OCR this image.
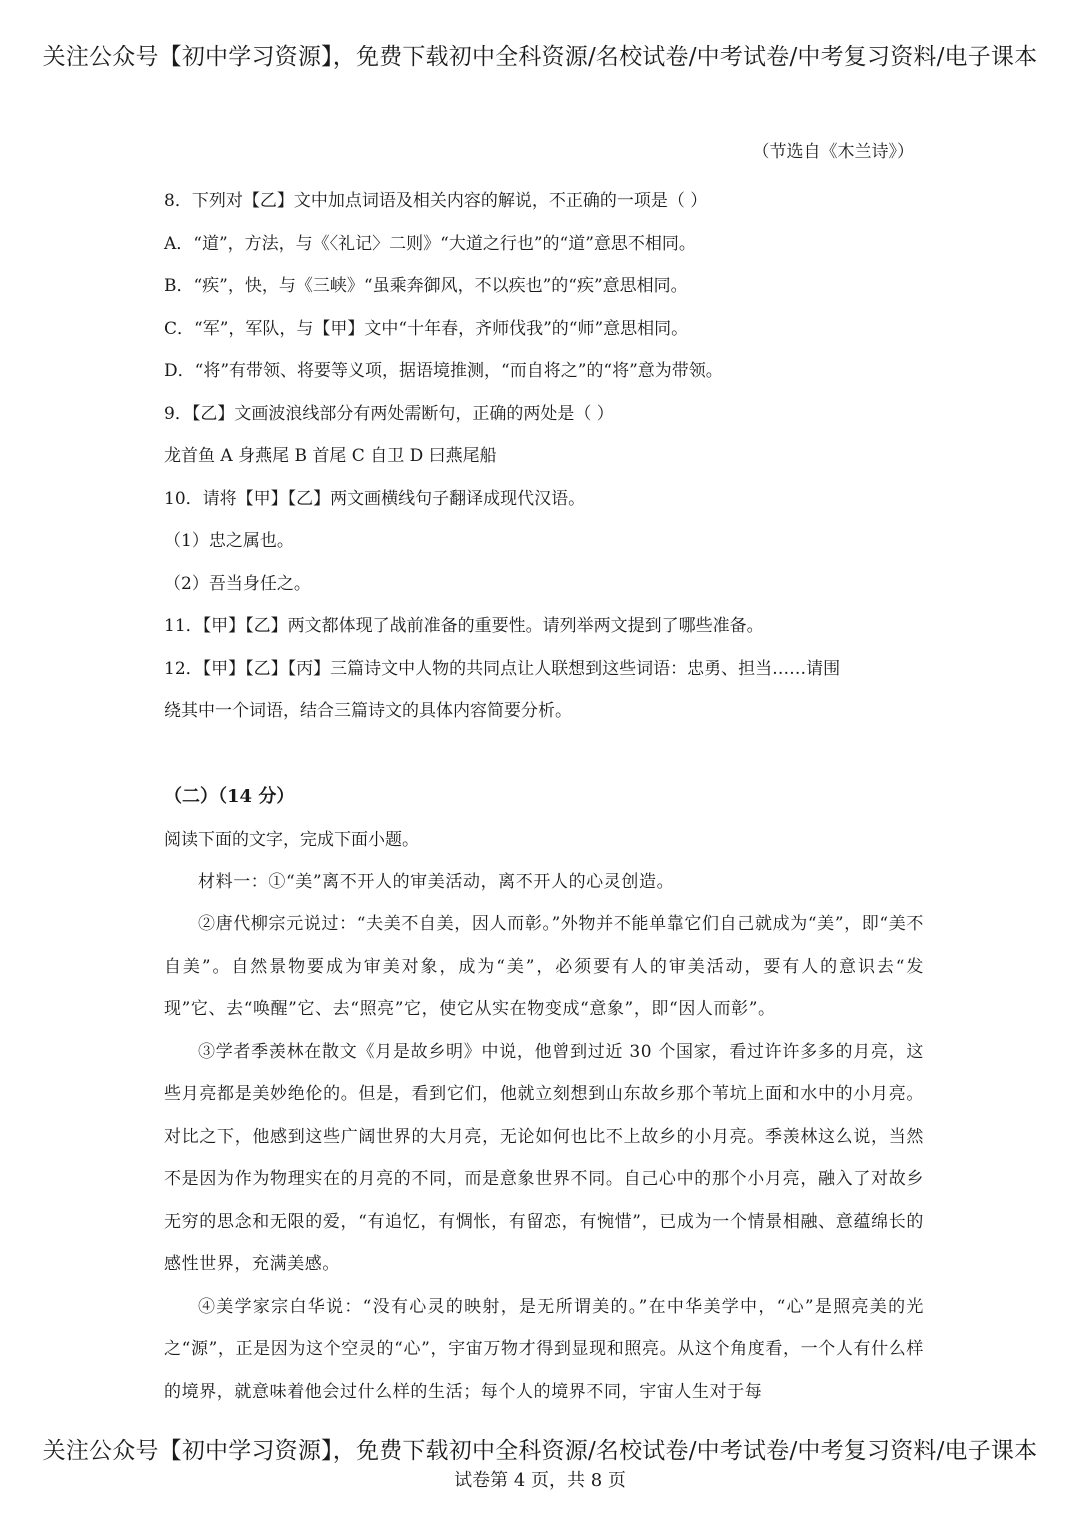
关注公众号【初中学习资源】，免费下载初中全科资源/名校试卷/中考试卷/中考复习资料/电子课本
（节选自《木兰诗》）
8．下列对【乙】文中加点词语及相关内容的解说，不正确的一项是（ ）
A．“道”，方法，与《〈礼记〉二则》“大道之行也”的“道”意思不相同。
B．“疾”，快，与《三峡》“虽乘奔御风，不以疾也”的“疾”意思相同。
C．“军”，军队，与【甲】文中“十年春，齐师伐我”的“师”意思相同。
D．“将”有带领、将要等义项，据语境推测，“而自将之”的“将”意为带领。
9．【乙】文画波浪线部分有两处需断句，正确的两处是（ ）
龙首鱼 A 身燕尾 B 首尾 C 自卫 D 曰燕尾船
10．请将【甲】【乙】两文画横线句子翻译成现代汉语。
（1）忠之属也。
（2）吾当身任之。
11．【甲】【乙】两文都体现了战前准备的重要性。请列举两文提到了哪些准备。
12．【甲】【乙】【丙】三篇诗文中人物的共同点让人联想到这些词语：忠勇、担当……请围
绕其中一个词语，结合三篇诗文的具体内容简要分析。
（二）（14 分）
阅读下面的文字，完成下面小题。

材料一：①“美”离不开人的审美活动，离不开人的心灵创造。

②唐代柳宗元说过：“夫美不自美，因人而彰。”外物并不能单靠它们自己就成为“美”，即“美不自美”。自然景物要成为审美对象，成为“美”，必须要有人的审美活动，要有人的意识去“发现”它、去“唤醒”它、去“照亮”它，使它从实在物变成“意象”，即“因人而彰”。

③学者季羡林在散文《月是故乡明》中说，他曾到过近 30 个国家，看过许许多多的月亮，这些月亮都是美妙绝伦的。但是，看到它们，他就立刻想到山东故乡那个苇坑上面和水中的小月亮。对比之下，他感到这些广阔世界的大月亮，无论如何也比不上故乡的小月亮。季羡林这么说，当然不是因为作为物理实在的月亮的不同，而是意象世界不同。自己心中的那个小月亮，融入了对故乡无穷的思念和无限的爱，“有追忆，有惆怅，有留恋，有惋惜”，已成为一个情景相融、意蕴绵长的感性世界，充满美感。

④美学家宗白华说：“没有心灵的映射，是无所谓美的。”在中华美学中，“心”是照亮美的光之“源”，正是因为这个空灵的“心”，宇宙万物才得到显现和照亮。从这个角度看，一个人有什么样的境界，就意味着他会过什么样的生活；每个人的境界不同，宇宙人生对于每

关注公众号【初中学习资源】，免费下载初中全科资源/名校试卷/中考试卷/中考复习资料/电子课本
试卷第 4 页，共 8 页
